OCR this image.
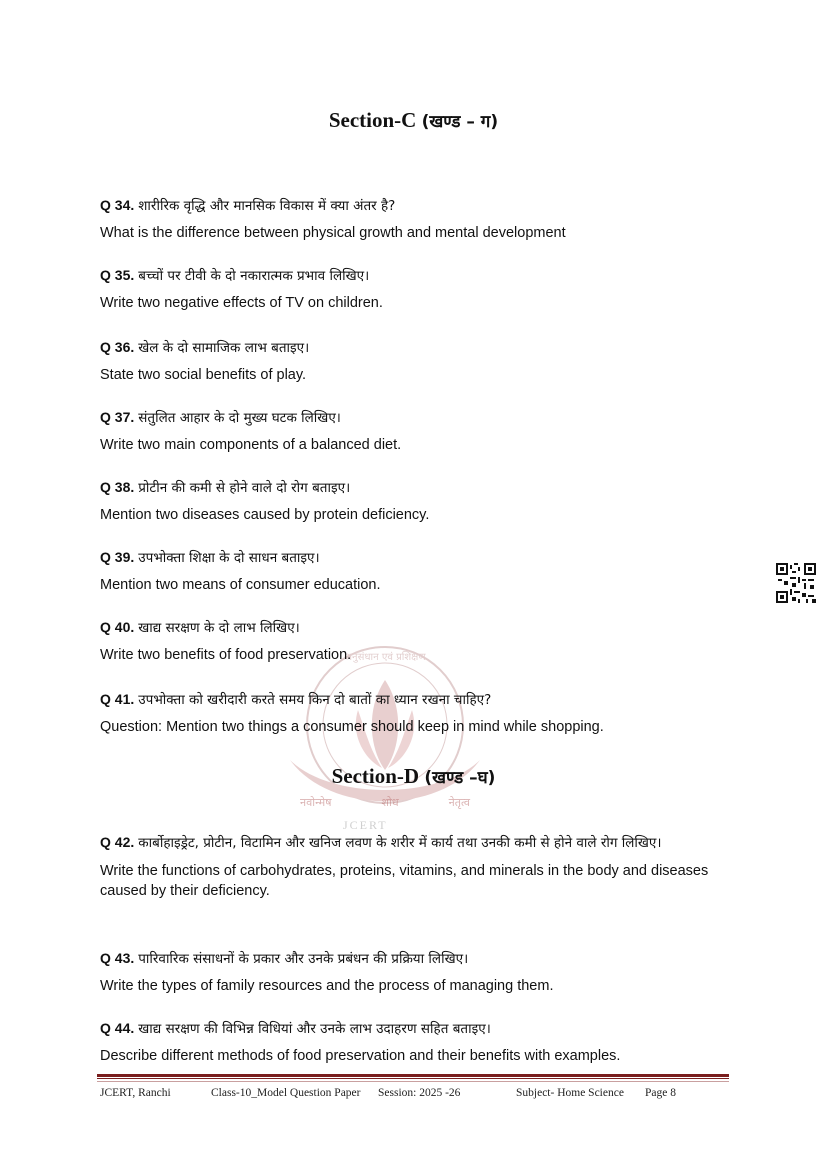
अनुसंधान एवं प्रशिक्षण
नवोन्मेष	शोध	नेतृत्व
JCERT
Section-C (खण्ड – ग)
Q 34. शारीरिक वृद्धि और मानसिक विकास में क्या अंतर है?
What is the difference between physical growth and mental development
Q 35. बच्चों पर टीवी के दो नकारात्मक प्रभाव लिखिए।
Write two negative effects of TV on children.
Q 36. खेल के दो सामाजिक लाभ बताइए।
State two social benefits of play.
Q 37. संतुलित आहार के दो मुख्य घटक लिखिए।
Write two main components of a balanced diet.
Q 38. प्रोटीन की कमी से होने वाले दो रोग बताइए।
Mention two diseases caused by protein deficiency.
Q 39. उपभोक्ता शिक्षा के दो साधन बताइए।
Mention two means of consumer education.
Q 40. खाद्य सरक्षण के दो लाभ लिखिए।
Write two benefits of food preservation.
Q 41. उपभोक्ता को खरीदारी करते समय किन दो बातों का ध्यान रखना चाहिए?
Question: Mention two things a consumer should keep in mind while shopping.
Section-D (खण्ड –घ)
Q 42. कार्बोहाइड्रेट, प्रोटीन, विटामिन और खनिज लवण के शरीर में कार्य तथा उनकी कमी से होने वाले रोग लिखिए।
Write the functions of carbohydrates, proteins, vitamins, and minerals in the body and diseases caused by their deficiency.
Q 43. पारिवारिक संसाधनों के प्रकार और उनके प्रबंधन की प्रक्रिया लिखिए।
Write the types of family resources and the process of managing them.
Q 44. खाद्य सरक्षण की विभिन्न विधियां और उनके लाभ उदाहरण सहित बताइए।
Describe different methods of food preservation and their benefits with examples.
JCERT, Ranchi	Class-10_Model Question Paper Session: 2025 -26	Subject- Home Science Page 8
